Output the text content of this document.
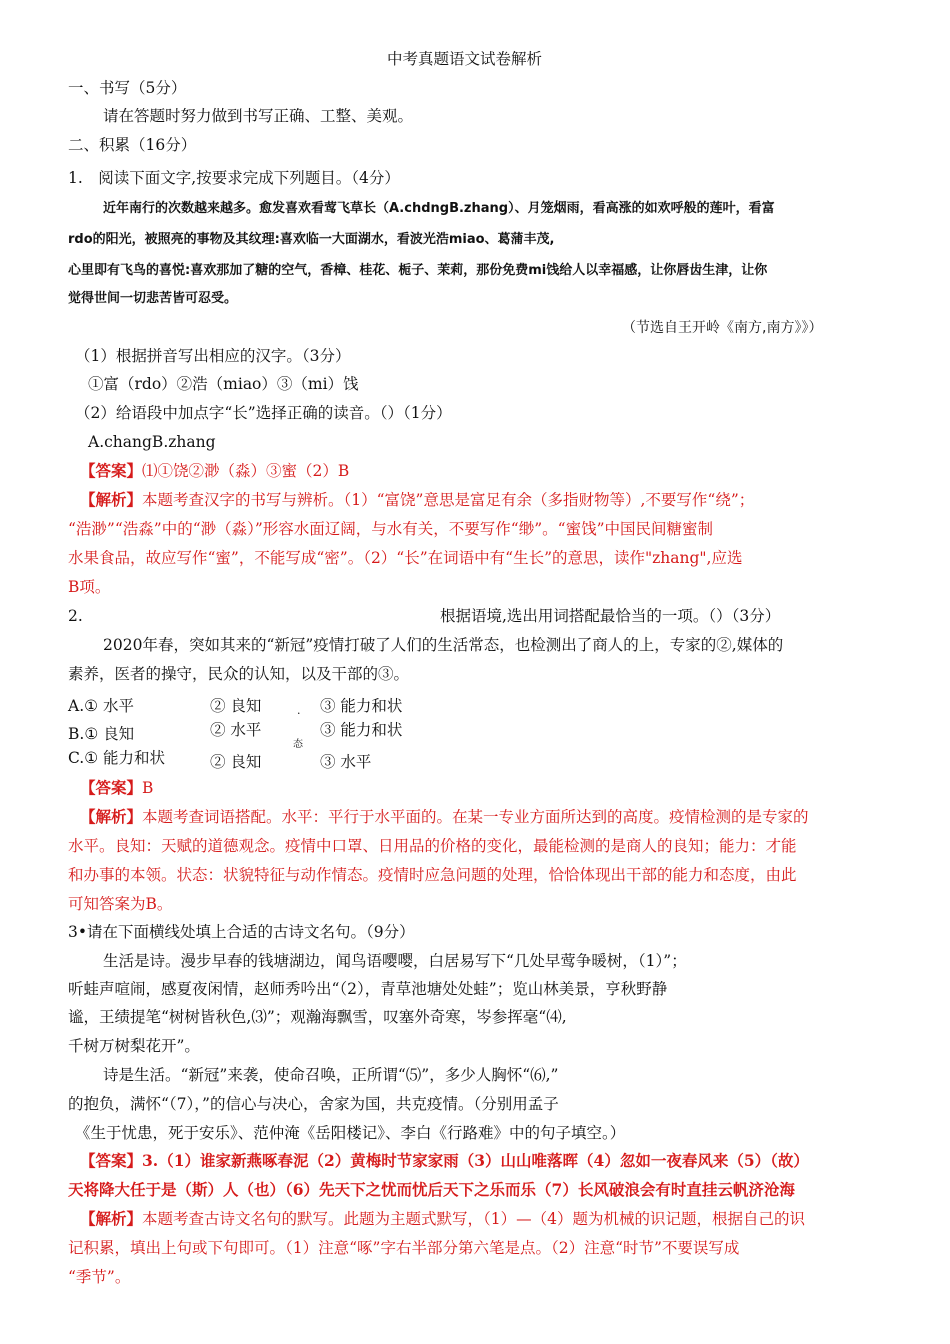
中考真题语文试卷解析
一、书写（5分）
请在答题时努力做到书写正确、工整、美观。
二、积累（16分）
1.　阅读下面文字,按要求完成下列题目。（4分）
近年南行的次数越来越多。愈发喜欢看莺飞草长（A.chdngB.zhang）、月笼烟雨，看高涨的如欢呼般的莲叶，看富
rdo的阳光，被照亮的事物及其纹理:喜欢临一大面湖水，看波光浩miao、葛蒲丰茂,
心里即有飞鸟的喜悦:喜欢那加了糖的空气，香樟、桂花、栀子、茉莉，那份免费mi饯给人以幸福感，让你唇齿生津，让你
觉得世间一切悲苦皆可忍受。
（节选自王开岭《南方,南方》》）
（1）根据拼音写出相应的汉字。（3分）
①富（rdo）②浩（miao）③（mi）饯
（2）给语段中加点字“长”选择正确的读音。（）（1分）
A.changB.zhang
【答案】⑴①饶②渺（淼）③蜜（2）B
【解析】本题考查汉字的书写与辨析。（1）“富饶”意思是富足有余（多指财物等）,不要写作“绕”；
“浩渺”“浩淼”中的“渺（淼）”形容水面辽阔，与水有关，不要写作“缈”。“蜜饯”中国民间糖蜜制
水果食品，故应写作“蜜”，不能写成“密”。（2）“长”在词语中有“生长”的意思，读作"zhang",应选
B项。
2.	根据语境,选出用词搭配最恰当的一项。（）（3分）
2020年春，突如其来的“新冠”疫情打破了人们的生活常态，也检测出了商人的上，专家的②,媒体的
素养，医者的操守，民众的认知，以及干部的③。
A.① 水平	② 良知	③ 能力和状
B.① 良知	② 水平	③ 能力和状
C.① 能力和状	② 良知	③ 水平
·
态
【答案】B
【解析】本题考查词语搭配。水平：平行于水平面的。在某一专业方面所达到的高度。疫情检测的是专家的
水平。良知：天赋的道德观念。疫情中口罩、日用品的价格的变化，最能检测的是商人的良知；能力：才能
和办事的本领。状态：状貌特征与动作情态。疫情时应急问题的处理，恰恰体现出干部的能力和态度，由此
可知答案为B。
3•请在下面横线处填上合适的古诗文名句。（9分）
生活是诗。漫步早春的钱塘湖边，闻鸟语嘤嘤，白居易写下“几处早莺争暖树，（1）”；
听蛙声喧闹，感夏夜闲情，赵师秀吟出“（2），青草池塘处处蛙”；览山林美景，亨秋野静
谧，王绩提笔“树树皆秋色,⑶”；观瀚海飘雪，叹塞外奇寒，岑参挥毫“⑷,
千树万树梨花开”。
诗是生活。“新冠”来袭，使命召唤，正所谓“⑸”，多少人胸怀“⑹,”
的抱负，满怀“（7），”的信心与决心，舍家为国，共克疫情。（分别用孟子
《生于忧患，死于安乐》、范仲淹《岳阳楼记》、李白《行路难》中的句子填空。）
【答案】3.（1）谁家新燕啄春泥（2）黄梅时节家家雨（3）山山唯落晖（4）忽如一夜春风来（5）（故）
天将降大任于是（斯）人（也）（6）先天下之忧而忧后天下之乐而乐（7）长风破浪会有时直挂云帆济沧海
【解析】本题考查古诗文名句的默写。此题为主题式默写，（1）—（4）题为机械的识记题，根据自己的识
记积累，填出上句或下句即可。（1）注意“啄”字右半部分第六笔是点。（2）注意“时节”不要误写成
“季节”。
